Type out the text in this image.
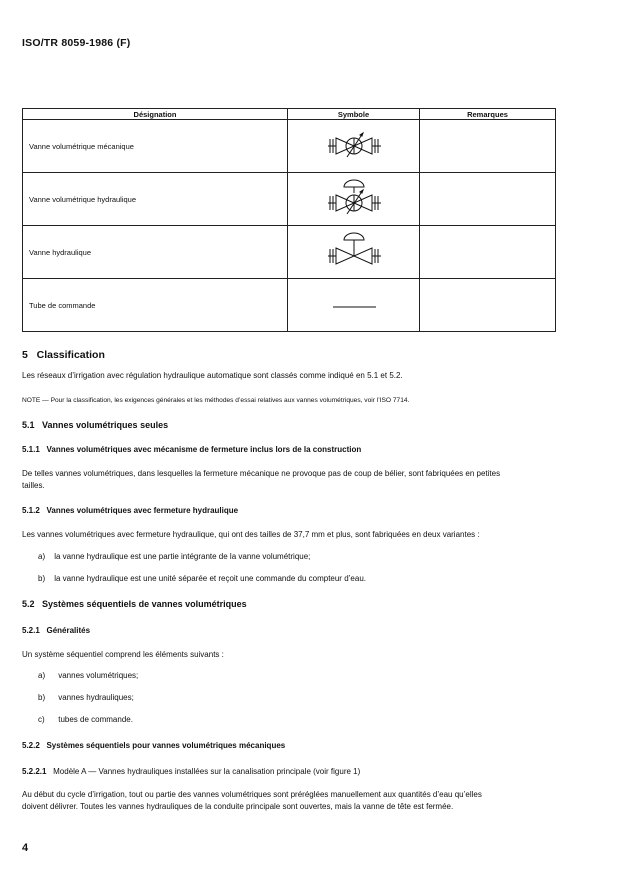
ISO/TR 8059-1986 (F)
Désignation	Symbole	Remarques
Vanne volumétrique mécanique	

Vanne volumétrique hydraulique	

Vanne hydraulique	

Tube de commande	

5 Classification
Les réseaux d’irrigation avec régulation hydraulique automatique sont classés comme indiqué en 5.1 et 5.2.
NOTE — Pour la classification, les exigences générales et les méthodes d’essai relatives aux vannes volumétriques, voir l’ISO 7714.
5.1 Vannes volumétriques seules
5.1.1 Vannes volumétriques avec mécanisme de fermeture inclus lors de la construction
De telles vannes volumétriques, dans lesquelles la fermeture mécanique ne provoque pas de coup de bélier, sont fabriquées en petites
tailles.
5.1.2 Vannes volumétriques avec fermeture hydraulique
Les vannes volumétriques avec fermeture hydraulique, qui ont des tailles de 37,7 mm et plus, sont fabriquées en deux variantes :
a) la vanne hydraulique est une partie intégrante de la vanne volumétrique;
b) la vanne hydraulique est une unité séparée et reçoit une commande du compteur d’eau.
5.2 Systèmes séquentiels de vannes volumétriques
5.2.1 Généralités
Un système séquentiel comprend les éléments suivants :
a) vannes volumétriques;
b) vannes hydrauliques;
c) tubes de commande.
5.2.2 Systèmes séquentiels pour vannes volumétriques mécaniques
5.2.2.1 Modèle A — Vannes hydrauliques installées sur la canalisation principale (voir figure 1)
Au début du cycle d’irrigation, tout ou partie des vannes volumétriques sont préréglées manuellement aux quantités d’eau qu’elles
doivent délivrer. Toutes les vannes hydrauliques de la conduite principale sont ouvertes, mais la vanne de tête est fermée.
4
